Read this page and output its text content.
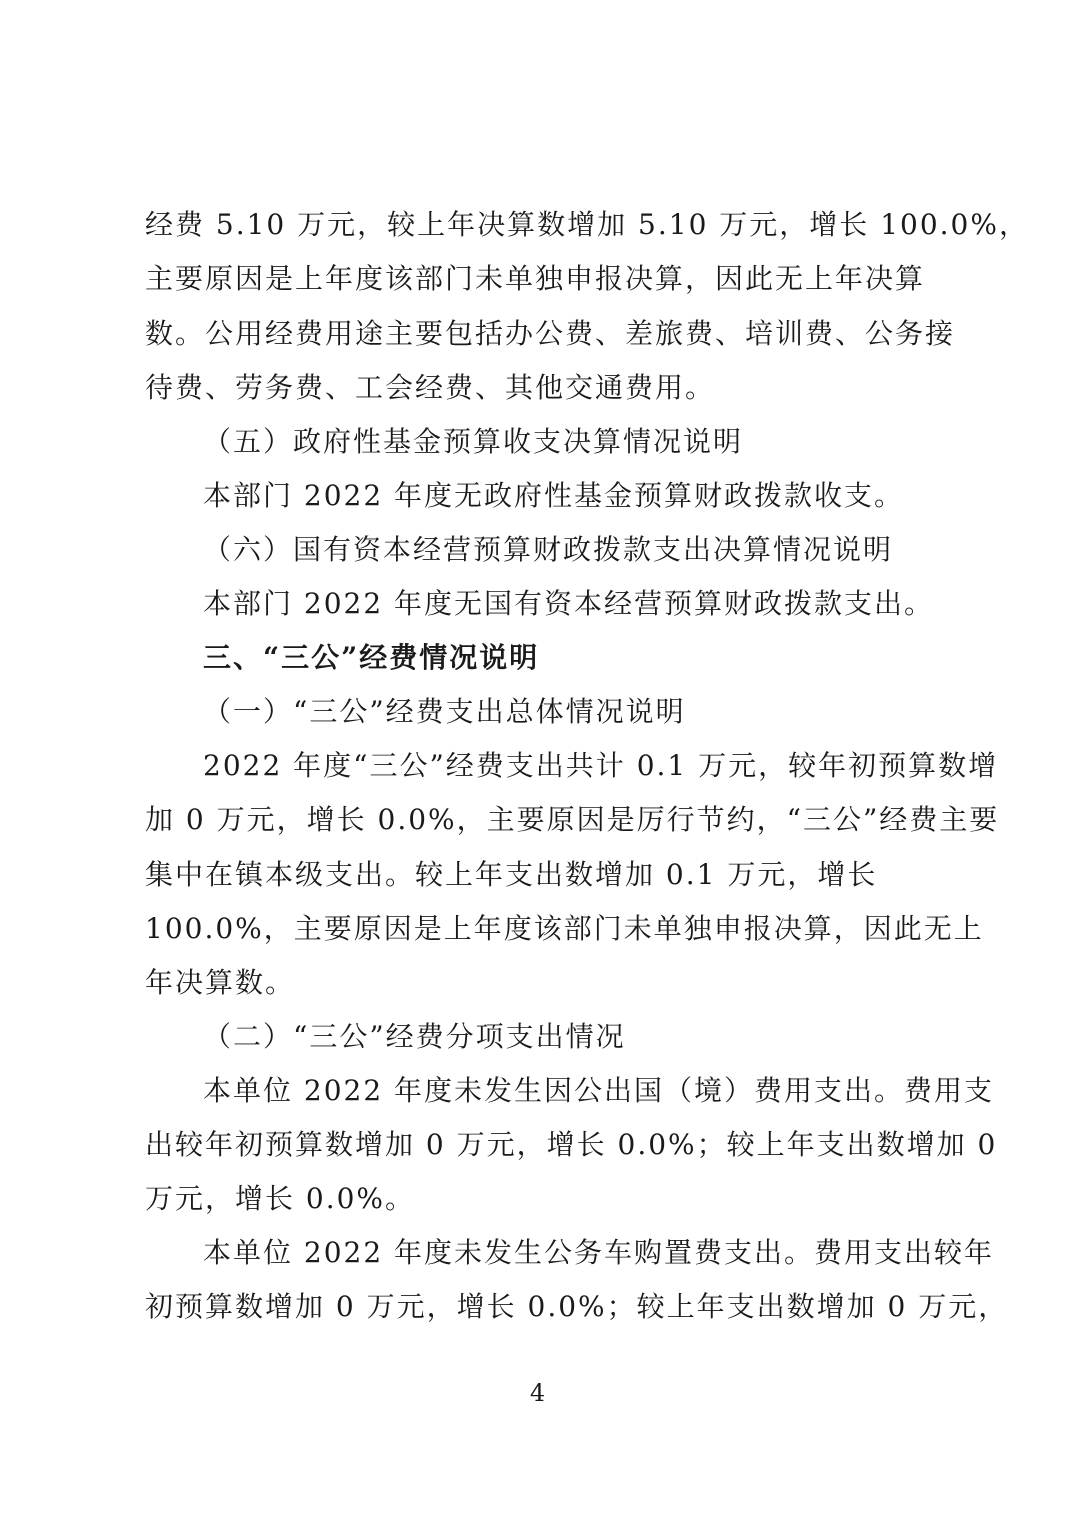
经费 5.10 万元，较上年决算数增加 5.10 万元，增长 100.0%，
主要原因是上年度该部门未单独申报决算，因此无上年决算
数。公用经费用途主要包括办公费、差旅费、培训费、公务接
待费、劳务费、工会经费、其他交通费用。
（五）政府性基金预算收支决算情况说明
本部门 2022 年度无政府性基金预算财政拨款收支。
（六）国有资本经营预算财政拨款支出决算情况说明
本部门 2022 年度无国有资本经营预算财政拨款支出。
三、“三公”经费情况说明
（一）“三公”经费支出总体情况说明
2022 年度“三公”经费支出共计 0.1 万元，较年初预算数增
加 0 万元，增长 0.0%，主要原因是厉行节约，“三公”经费主要
集中在镇本级支出。较上年支出数增加 0.1 万元，增长
100.0%，主要原因是上年度该部门未单独申报决算，因此无上
年决算数。
（二）“三公”经费分项支出情况
本单位 2022 年度未发生因公出国（境）费用支出。费用支
出较年初预算数增加 0 万元，增长 0.0%；较上年支出数增加 0
万元，增长 0.0%。
本单位 2022 年度未发生公务车购置费支出。费用支出较年
初预算数增加 0 万元，增长 0.0%；较上年支出数增加 0 万元，
4
